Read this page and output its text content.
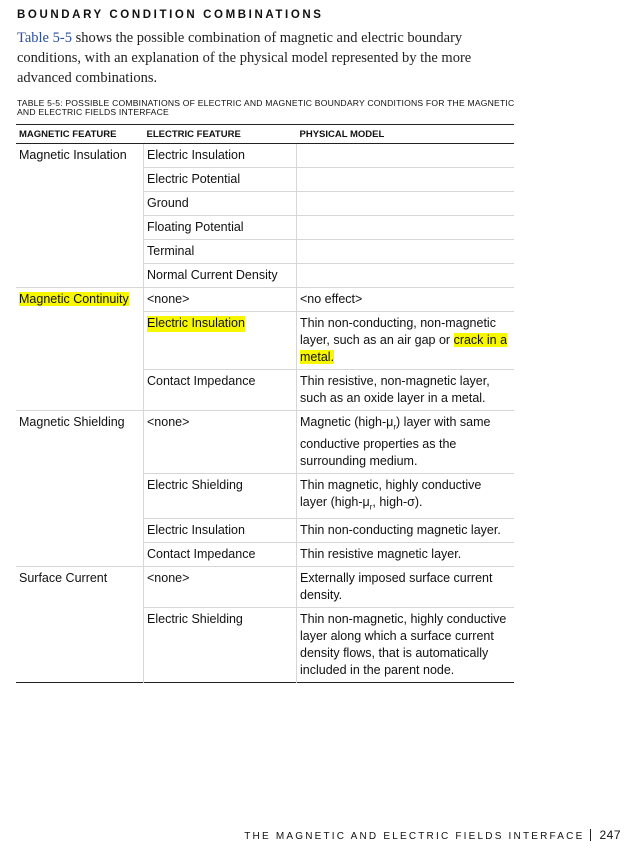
BOUNDARY CONDITION COMBINATIONS

Table 5-5 shows the possible combination of magnetic and electric boundary conditions, with an explanation of the physical model represented by the more advanced combinations.

TABLE 5-5: POSSIBLE COMBINATIONS OF ELECTRIC AND MAGNETIC BOUNDARY CONDITIONS FOR THE MAGNETIC AND ELECTRIC FIELDS INTERFACE
MAGNETIC FEATURE	ELECTRIC FEATURE	PHYSICAL MODEL
Magnetic Insulation	Electric Insulation	
	Electric Potential	
	Ground	
	Floating Potential	
	Terminal	
	Normal Current Density	
Magnetic Continuity	<none>	<no effect>
	Electric Insulation	Thin non-conducting, non-magnetic layer, such as an air gap or crack in a metal.
	Contact Impedance	Thin resistive, non-magnetic layer, such as an oxide layer in a metal.
Magnetic Shielding	<none>	Magnetic $(high-\mu_r)$ layer with same conductive properties as the surrounding medium.
	Electric Shielding	Thin magnetic, highly conductive layer ($high-\mu_r$, high-σ).
	Electric Insulation	Thin non-conducting magnetic layer.
	Contact Impedance	Thin resistive magnetic layer.
Surface Current	<none>	Externally imposed surface current density.
	Electric Shielding	Thin non-magnetic, highly conductive layer along which a surface current density flows, that is automatically included in the parent node.
THE MAGNETIC AND ELECTRIC FIELDS INTERFACE 247
